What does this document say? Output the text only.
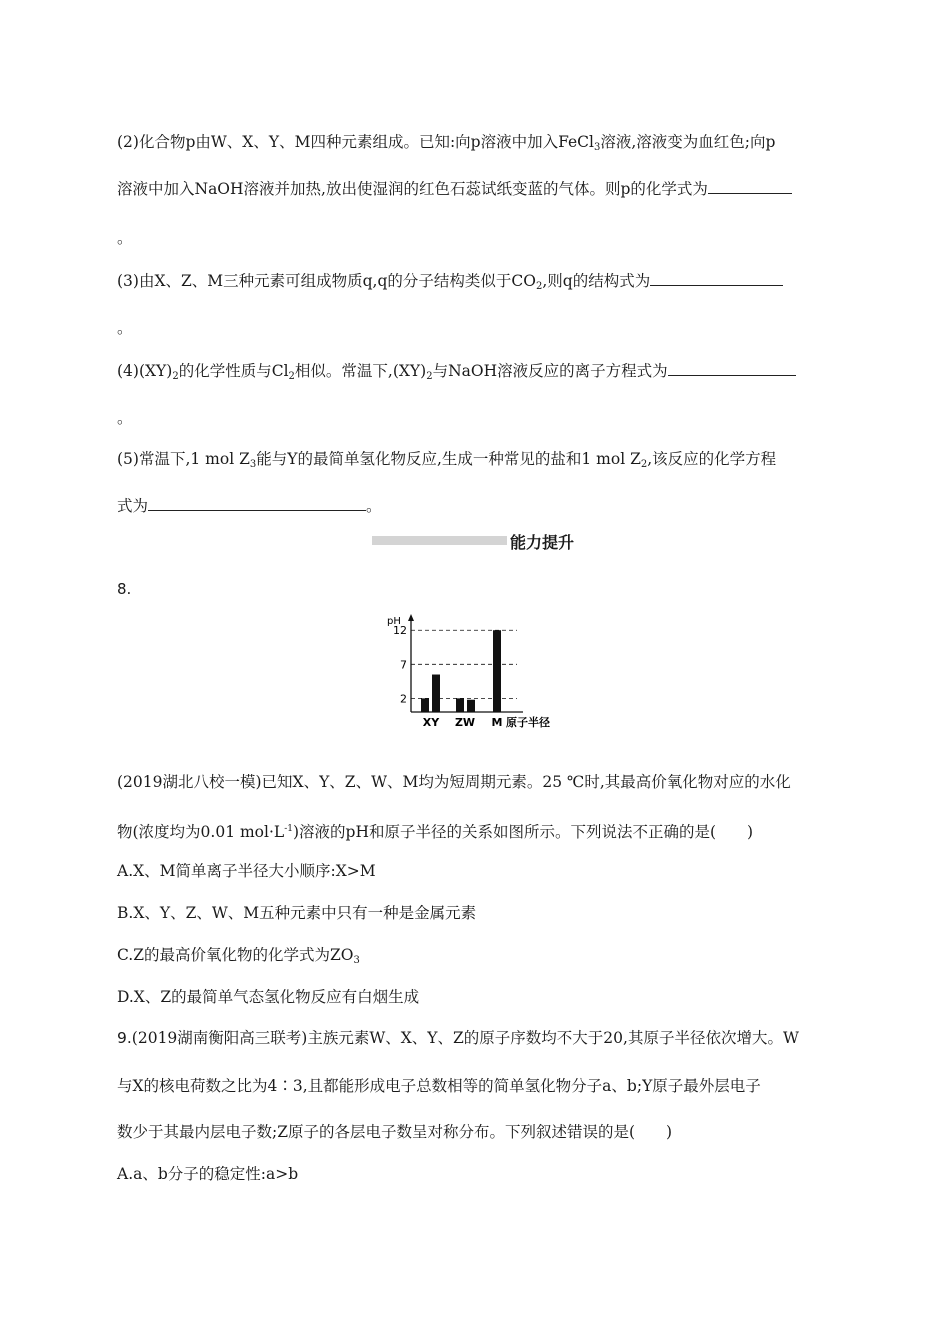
(2)化合物p由W、X、Y、M四种元素组成。已知:向p溶液中加入FeCl$_3$溶液,溶液变为血红色;向p
溶液中加入NaOH溶液并加热,放出使湿润的红色石蕊试纸变蓝的气体。则p的化学式为
。
(3)由X、Z、M三种元素可组成物质q,q的分子结构类似于$CO_2$,则q的结构式为
。
$(4)(XY)_2$的化学性质与$Cl_2$相似。常温下$,(XY)_2$与NaOH溶液反应的离子方程式为
。
(5)常温下,1 mol $Z_3$能与Y的最简单氢化物反应,生成一种常见的盐和1 mol $Z_2$,该反应的化学方程
式为	。
能力提升
8.
2
7
12
pH
XY ZW M 原子半径
(2019湖北八校一模)已知X、Y、Z、W、M均为短周期元素。25 ℃时,其最高价氧化物对应的水化
物(浓度均为0.01 $mol\cdot L^{-1}$)溶液的pH和原子半径的关系如图所示。下列说法不正确的是(　　)
A.X、M简单离子半径大小顺序:X>M
B.X、Y、Z、W、M五种元素中只有一种是金属元素
C.Z的最高价氧化物的化学式为$ZO_3$
D.X、Z的最简单气态氢化物反应有白烟生成
9.(2019湖南衡阳高三联考)主族元素W、X、Y、Z的原子序数均不大于20,其原子半径依次增大。W
与X的核电荷数之比为4∶3,且都能形成电子总数相等的简单氢化物分子a、b;Y原子最外层电子
数少于其最内层电子数;Z原子的各层电子数呈对称分布。下列叙述错误的是(　　)
A.a、b分子的稳定性:a>b
